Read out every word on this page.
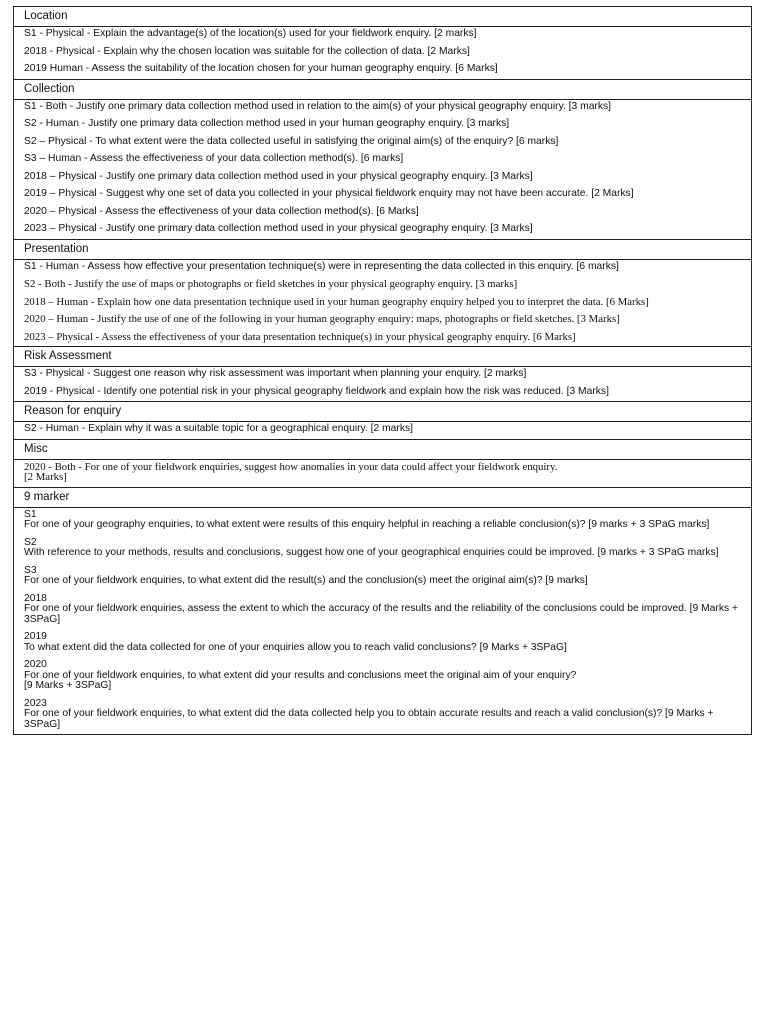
Location

S1 - Physical - Explain the advantage(s) of the location(s) used for your fieldwork enquiry. [2 marks]
2018 - Physical - Explain why the chosen location was suitable for the collection of data. [2 Marks]
2019 Human - Assess the suitability of the location chosen for your human geography enquiry. [6 Marks]

Collection

S1 - Both - Justify one primary data collection method used in relation to the aim(s) of your physical geography enquiry. [3 marks]
S2 - Human - Justify one primary data collection method used in your human geography enquiry. [3 marks]
S2 – Physical - To what extent were the data collected useful in satisfying the original aim(s) of the enquiry? [6 marks]
S3 – Human - Assess the effectiveness of your data collection method(s). [6 marks]
2018 – Physical - Justify one primary data collection method used in your physical geography enquiry. [3 Marks]
2019 – Physical - Suggest why one set of data you collected in your physical fieldwork enquiry may not have been accurate. [2 Marks]
2020 – Physical - Assess the effectiveness of your data collection method(s). [6 Marks]
2023 – Physical - Justify one primary data collection method used in your physical geography enquiry. [3 Marks]

Presentation

S1 - Human - Assess how effective your presentation technique(s) were in representing the data collected in this enquiry. [6 marks]
S2 - Both - Justify the use of maps or photographs or field sketches in your physical geography enquiry. [3 marks]
2018 – Human - Explain how one data presentation technique used in your human geography enquiry helped you to interpret the data. [6 Marks]
2020 – Human - Justify the use of one of the following in your human geography enquiry: maps, photographs or field sketches. [3 Marks]
2023 – Physical - Assess the effectiveness of your data presentation technique(s) in your physical geography enquiry. [6 Marks]

Risk Assessment

S3 - Physical - Suggest one reason why risk assessment was important when planning your enquiry. [2 marks]
2019 - Physical - Identify one potential risk in your physical geography fieldwork and explain how the risk was reduced. [3 Marks]

Reason for enquiry

S2 - Human - Explain why it was a suitable topic for a geographical enquiry. [2 marks]

Misc

2020 - Both - For one of your fieldwork enquiries, suggest how anomalies in your data could affect your fieldwork enquiry.
[2 Marks]

9 marker

S1
For one of your geography enquiries, to what extent were results of this enquiry helpful in reaching a reliable conclusion(s)? [9 marks + 3 SPaG marks]
S2
With reference to your methods, results and conclusions, suggest how one of your geographical enquiries could be improved. [9 marks + 3 SPaG marks]
S3
For one of your fieldwork enquiries, to what extent did the result(s) and the conclusion(s) meet the original aim(s)? [9 marks]
2018
For one of your fieldwork enquiries, assess the extent to which the accuracy of the results and the reliability of the conclusions could be improved. [9 Marks + 3SPaG]
2019
To what extent did the data collected for one of your enquiries allow you to reach valid conclusions? [9 Marks + 3SPaG]
2020
For one of your fieldwork enquiries, to what extent did your results and conclusions meet the original aim of your enquiry?
[9 Marks + 3SPaG]
2023
For one of your fieldwork enquiries, to what extent did the data collected help you to obtain accurate results and reach a valid conclusion(s)? [9 Marks + 3SPaG]
